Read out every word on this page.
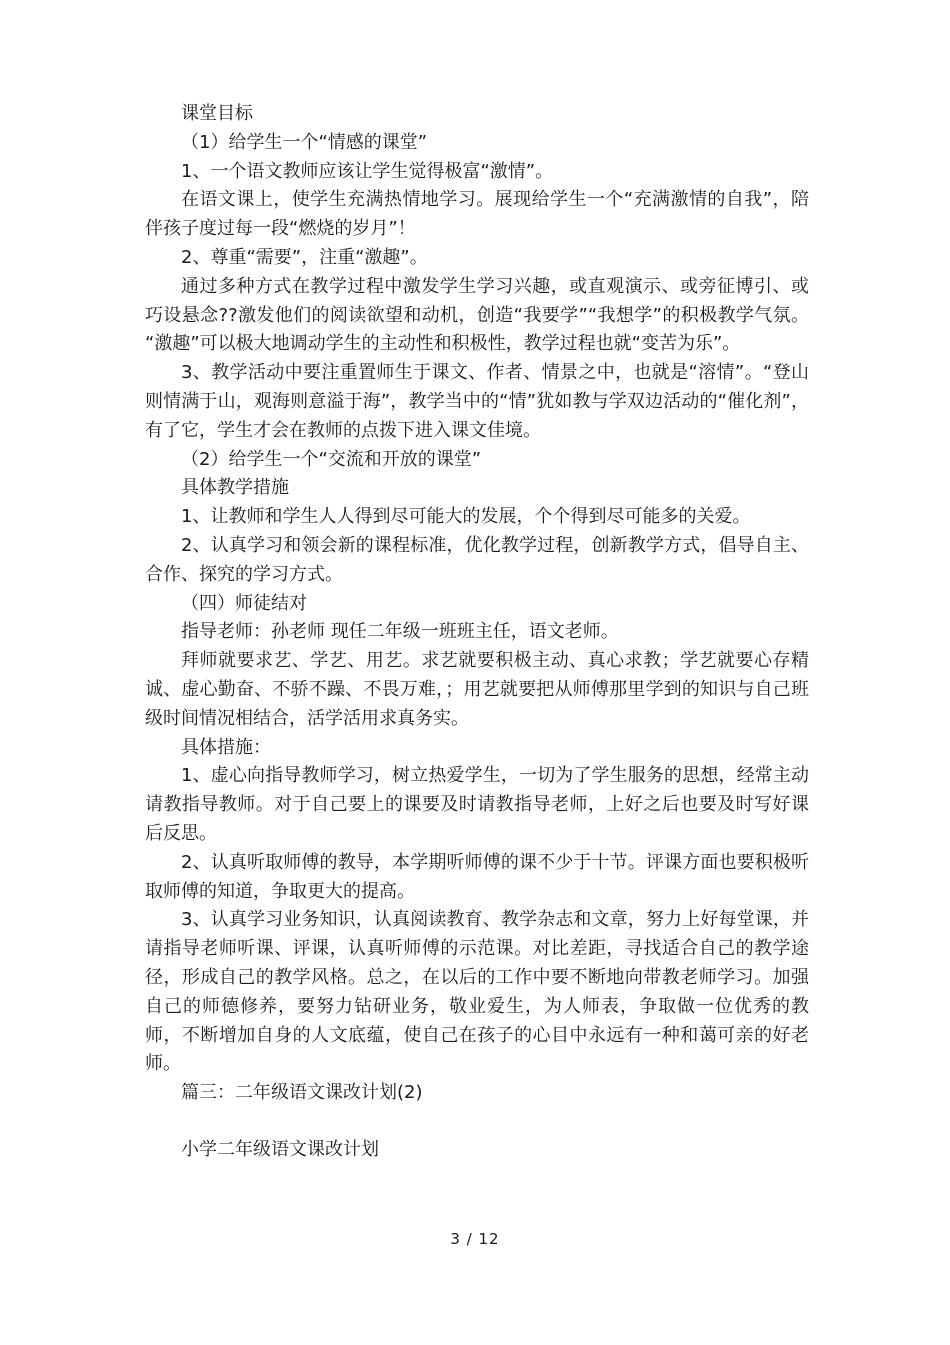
课堂目标

（1）给学生一个“情感的课堂”

1、一个语文教师应该让学生觉得极富“激情”。

在语文课上，使学生充满热情地学习。展现给学生一个“充满激情的自我”，陪伴孩子度过每一段“燃烧的岁月”！

2、尊重“需要”，注重“激趣”。

通过多种方式在教学过程中激发学生学习兴趣，或直观演示、或旁征博引、或巧设悬念??激发他们的阅读欲望和动机，创造“我要学”“我想学”的积极教学气氛。 “激趣”可以极大地调动学生的主动性和积极性，教学过程也就“变苦为乐”。

3、教学活动中要注重置师生于课文、作者、情景之中，也就是“溶情”。“登山则情满于山，观海则意溢于海”，教学当中的“情”犹如教与学双边活动的“催化剂”，有了它，学生才会在教师的点拨下进入课文佳境。

（2）给学生一个“交流和开放的课堂”

具体教学措施

1、让教师和学生人人得到尽可能大的发展，个个得到尽可能多的关爱。

2、认真学习和领会新的课程标准，优化教学过程，创新教学方式，倡导自主、合作、探究的学习方式。

（四）师徒结对

指导老师：孙老师 现任二年级一班班主任，语文老师。

拜师就要求艺、学艺、用艺。求艺就要积极主动、真心求教；学艺就要心存精诚、虚心勤奋、不骄不躁、不畏万难，；用艺就要把从师傅那里学到的知识与自己班级时间情况相结合，活学活用求真务实。

具体措施：

1、虚心向指导教师学习，树立热爱学生，一切为了学生服务的思想，经常主动请教指导教师。对于自己要上的课要及时请教指导老师，上好之后也要及时写好课后反思。

2、认真听取师傅的教导，本学期听师傅的课不少于十节。评课方面也要积极听取师傅的知道，争取更大的提高。

3、认真学习业务知识，认真阅读教育、教学杂志和文章，努力上好每堂课，并请指导老师听课、评课，认真听师傅的示范课。对比差距，寻找适合自己的教学途径，形成自己的教学风格。总之，在以后的工作中要不断地向带教老师学习。加强自己的师德修养，要努力钻研业务，敬业爱生，为人师表，争取做一位优秀的教师，不断增加自身的人文底蕴，使自己在孩子的心目中永远有一种和蔼可亲的好老师。

篇三：二年级语文课改计划(2)

小学二年级语文课改计划

3 / 12
